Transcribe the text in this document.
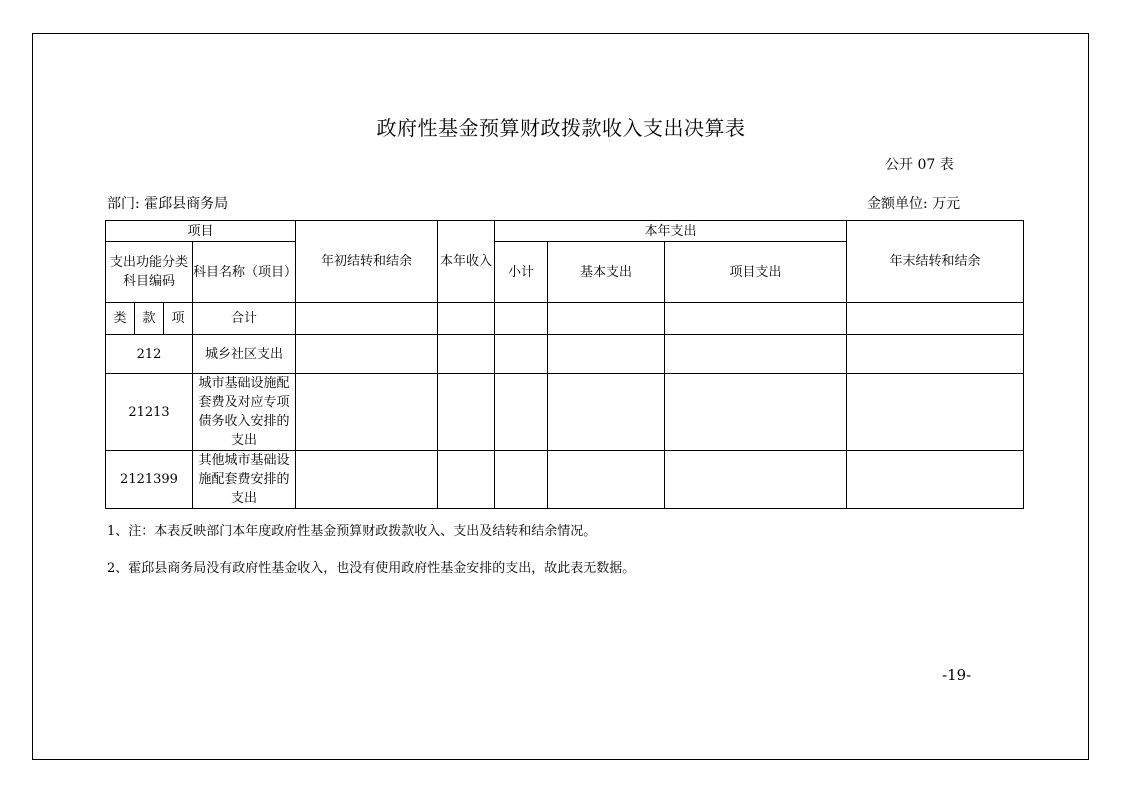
政府性基金预算财政拨款收入支出决算表
公开 07 表
部门: 霍邱县商务局	金额单位: 万元
项目				年初结转和结余	本年收入	本年支出			年末结转和结余
支出功能分类科目编码			科目名称（项目）			小计	基本支出	项目支出	
类	款	项	合计						
212			城乡社区支出						
21213			城市基础设施配套费及对应专项债务收入安排的支出						
2121399			其他城市基础设施配套费安排的支出						
1、注：本表反映部门本年度政府性基金预算财政拨款收入、支出及结转和结余情况。
2、霍邱县商务局没有政府性基金收入，也没有使用政府性基金安排的支出，故此表无数据。
-19-
